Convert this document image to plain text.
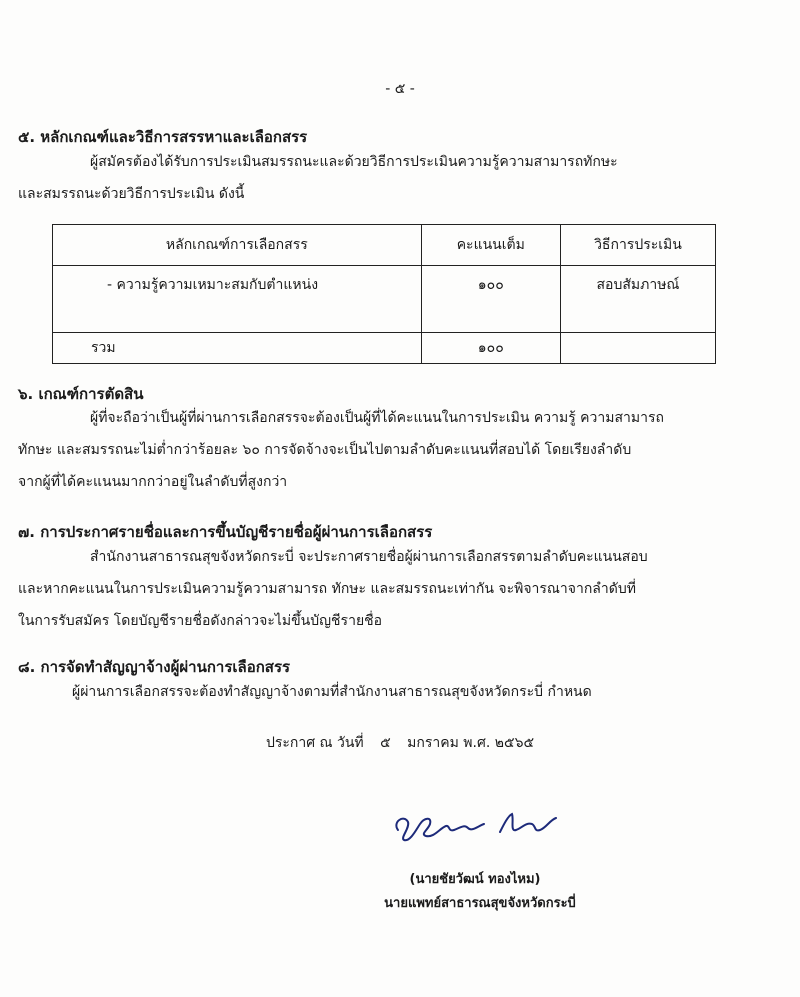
- ๕ -
๕. หลักเกณฑ์และวิธีการสรรหาและเลือกสรร
ผู้สมัครต้องได้รับการประเมินสมรรถนะและด้วยวิธีการประเมินความรู้ความสามารถทักษะ
และสมรรถนะด้วยวิธีการประเมิน ดังนี้
หลักเกณฑ์การเลือกสรร	คะแนนเต็ม	วิธีการประเมิน
- ความรู้ความเหมาะสมกับตำแหน่ง	๑๐๐	สอบสัมภาษณ์
รวม	๑๐๐	
๖. เกณฑ์การตัดสิน
ผู้ที่จะถือว่าเป็นผู้ที่ผ่านการเลือกสรรจะต้องเป็นผู้ที่ได้คะแนนในการประเมิน ความรู้ ความสามารถ
ทักษะ และสมรรถนะไม่ต่ำกว่าร้อยละ ๖๐ การจัดจ้างจะเป็นไปตามลำดับคะแนนที่สอบได้ โดยเรียงลำดับ
จากผู้ที่ได้คะแนนมากกว่าอยู่ในลำดับที่สูงกว่า
๗. การประกาศรายชื่อและการขึ้นบัญชีรายชื่อผู้ผ่านการเลือกสรร
สำนักงานสาธารณสุขจังหวัดกระบี่ จะประกาศรายชื่อผู้ผ่านการเลือกสรรตามลำดับคะแนนสอบ
และหากคะแนนในการประเมินความรู้ความสามารถ ทักษะ และสมรรถนะเท่ากัน จะพิจารณาจากลำดับที่
ในการรับสมัคร โดยบัญชีรายชื่อดังกล่าวจะไม่ขึ้นบัญชีรายชื่อ
๘. การจัดทำสัญญาจ้างผู้ผ่านการเลือกสรร
ผู้ผ่านการเลือกสรรจะต้องทำสัญญาจ้างตามที่สำนักงานสาธารณสุขจังหวัดกระบี่ กำหนด
ประกาศ ณ วันที่ ๕ มกราคม พ.ศ. ๒๕๖๕
(นายชัยวัฒน์ ทองไหม)
นายแพทย์สาธารณสุขจังหวัดกระบี่
